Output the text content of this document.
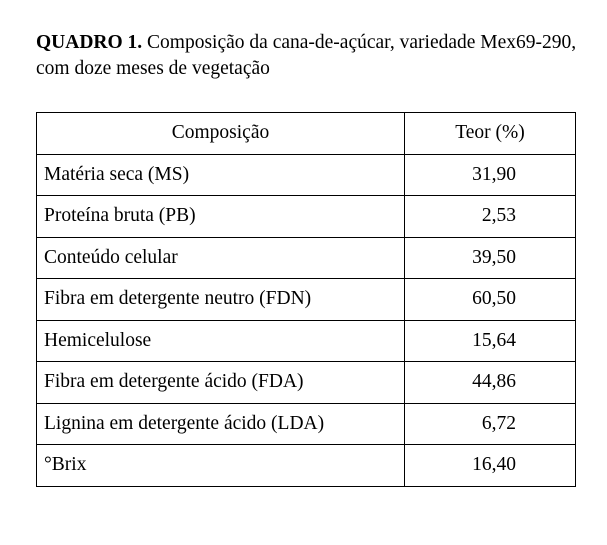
QUADRO 1. Composição da cana-de-açúcar, variedade Mex69-290, com doze meses de vegetação

Composição	Teor (%)
Matéria seca (MS)	31,90
Proteína bruta (PB)	2,53
Conteúdo celular	39,50
Fibra em detergente neutro (FDN)	60,50
Hemicelulose	15,64
Fibra em detergente ácido (FDA)	44,86
Lignina em detergente ácido (LDA)	6,72
°Brix	16,40
